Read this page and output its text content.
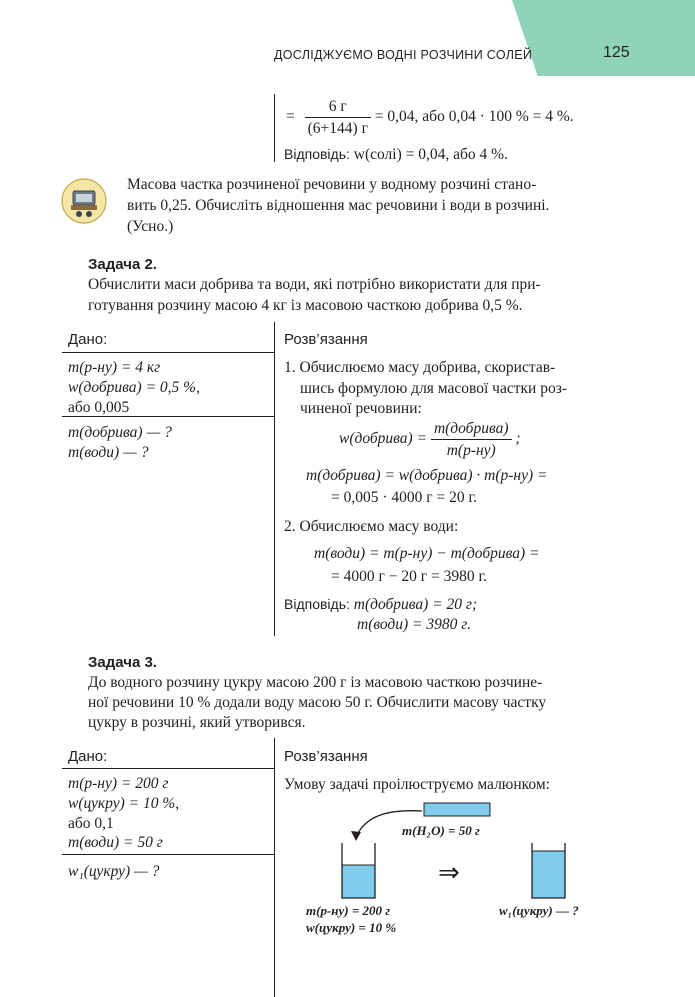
ДОСЛІДЖУЄМО ВОДНІ РОЗЧИНИ СОЛЕЙ	125
= $\frac{6 г}{(6+144) г} = 0,04$, або 0,04 · 100 % = 4 %.
Відповідь: w(солі) = 0,04, або 4 %.
Масова частка розчиненої речовини у водному розчині стано-
вить 0,25. Обчисліть відношення мас речовини і води в розчині.
(Усно.)
Задача 2.
Обчислити маси добрива та води, які потрібно використати для при-
готування розчину масою 4 кг із масовою часткою добрива 0,5 %.
Дано:
m(р-ну) = 4 кг
w(добрива) = 0,5 %,
або 0,005
m(добрива) — ?
m(води) — ?
Розв’язання
1. Обчислюємо масу добрива, скористав-
шись формулою для масової частки роз-
чиненої речовини:
w(добрива) = $\frac{\text{m(добрива)}}{m(р-ну)}$ ;
m(добрива) = w(добрива) · m(р-ну) =
= 0,005 · 4000 г = 20 г.
2. Обчислюємо масу води:
m(води) = m(р-ну) − m(добрива) =
= 4000 г − 20 г = 3980 г.
Відповідь: m(добрива) = 20 г;
m(води) = 3980 г.
Задача 3.
До водного розчину цукру масою 200 г із масовою часткою розчине-
ної речовини 10 % додали воду масою 50 г. Обчислити масову частку
цукру в розчині, який утворився.
Дано:
m(р-ну) = 200 г
w(цукру) = 10 %,
або 0,1
m(води) = 50 г
w₁(цукру) — ?
Розв’язання
Умову задачі проілюструємо малюнком:
m(H₂O) = 50 г
⇒
m(р-ну) = 200 г
w(цукру) = 10 %
w₁(цукру) — ?
